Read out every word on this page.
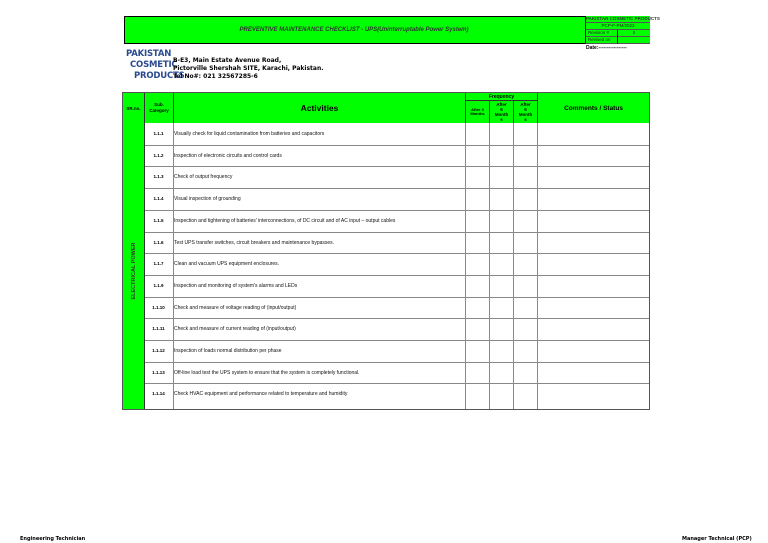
PREVENTIVE MAINTENANCE CHECKLIST - UPS(Uninterruptable Power System)
PAKISTAN COSMETIC PRODUCTS
PCP-F-PM/2023
Revision #	0
Revised on
Date:-----------------
PAKISTAN
COSMETIC
PRODUCTS
B-E3, Main Estate Avenue Road,
Pictorville Shershah SITE, Karachi, Pakistan.
Tel No#: 021 32567285-6
SR.no.
Sub. Category	Activities
Frequency
After 3 Months
After 6 Month s
After 6 Month s
Comments / Status
ELECTRICAL POWER
1.1.1	Visually check for liquid contamination from batteries and capacitors
1.1.2	Inspection of electronic circuits and control cards
1.1.3	Check of output frequency
1.1.4	Visual inspection of grounding
1.1.5	Inspection and tightening of batteries' interconnections, of DC circuit and of AC input – output cables
1.1.6	Test UPS transfer switches, circuit breakers and maintenance bypasses.
1.1.7	Clean and vacuum UPS equipment enclosures.
1.1.9	Inspection and monitoring of system's alarms and LEDs
1.1.10	Check and measure of voltage reading of (input/output)
1.1.11	Check and measure of current reading of (input/output)
1.1.12	Inspection of loads normal distribution per phase
1.1.13	Off-line load test the UPS system to ensure that the system is completely functional.
1.1.14	Check HVAC equipment and performance related to temperature and humidity
Engineering Technician	Manager Technical (PCP)
